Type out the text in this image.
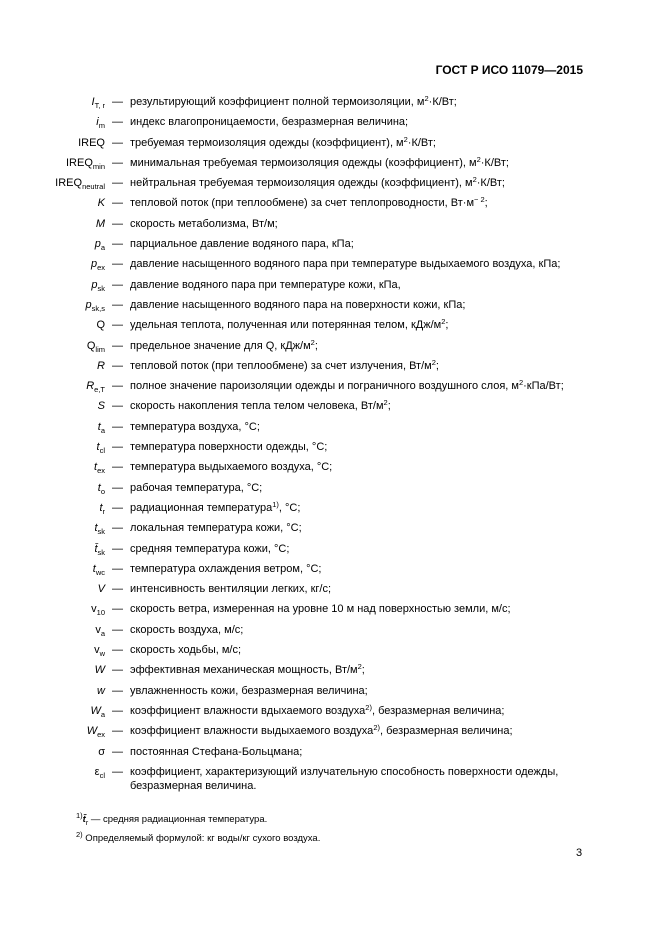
ГОСТ Р ИСО 11079—2015
$I_{T, r}$ — результирующий коэффициент полной термоизоляции, $м^2\cdot К/Вт$;
$i_m$ — индекс влагопроницаемости, безразмерная величина;
IREQ — требуемая термоизоляция одежды (коэффициент), $м^2\cdot К/Вт$;
$IREQ_{min}$ — минимальная требуемая термоизоляция одежды (коэффициент), $м^2\cdot К/Вт$;
$IREQ_{neutral}$ — нейтральная требуемая термоизоляция одежды (коэффициент), $м^2\cdot К/Вт$;
K — тепловой поток (при теплообмене) за счет теплопроводности, $Вт\cdot м^{- 2}$;
M — скорость метаболизма, Вт/м;
$p_a$ — парциальное давление водяного пара, кПа;
$p_{ex}$ — давление насыщенного водяного пара при температуре выдыхаемого воздуха, кПа;
$p_{sk}$ — давление водяного пара при температуре кожи, кПа,
$p_{sk,s}$ — давление насыщенного водяного пара на поверхности кожи, кПа;
Q — удельная теплота, полученная или потерянная телом, кДж/$м^2$;
$Q_{lim}$ — предельное значение для Q, кДж/$м^2$;
R — тепловой поток (при теплообмене) за счет излучения, $Вт/м^2$;
$R_{e,T}$ — полное значение пароизоляции одежды и пограничного воздушного слоя, $м^2\cdot кПа/Вт$;
S — скорость накопления тепла телом человека, $Вт/м^2$;
$t_a$ — температура воздуха, °С;
$t_{cl}$ — температура поверхности одежды, °С;
$t_{ex}$ — температура выдыхаемого воздуха, °С;
$t_o$ — рабочая температура, °С;
$t_r$ — радиационная температура$^{1)}$, °С;
$t_{sk}$ — локальная температура кожи, °С;
$t̄_{sk}$ — средняя температура кожи, °С;
$t_{wc}$ — температура охлаждения ветром, °С;
V — интенсивность вентиляции легких, кг/с;
$v_{10}$ — скорость ветра, измеренная на уровне 10 м над поверхностью земли, м/с;
$v_a$ — скорость воздуха, м/с;
$v_w$ — скорость ходьбы, м/с;
W — эффективная механическая мощность, $Вт/м^2$;
w — увлажненность кожи, безразмерная величина;
$W_a$ — коэффициент влажности вдыхаемого воздуха$^{2)}$, безразмерная величина;
$W_{ex}$ — коэффициент влажности выдыхаемого воздуха$^{2)}$, безразмерная величина;
σ — постоянная Стефана-Больцмана;
$\varepsilon_{cl}$ — коэффициент, характеризующий излучательную способность поверхности одежды, безразмерная величина.
$^{1)}t̄_r$ — средняя радиационная температура.
$^{2)}$ Определяемый формулой: кг воды/кг сухого воздуха.
3
